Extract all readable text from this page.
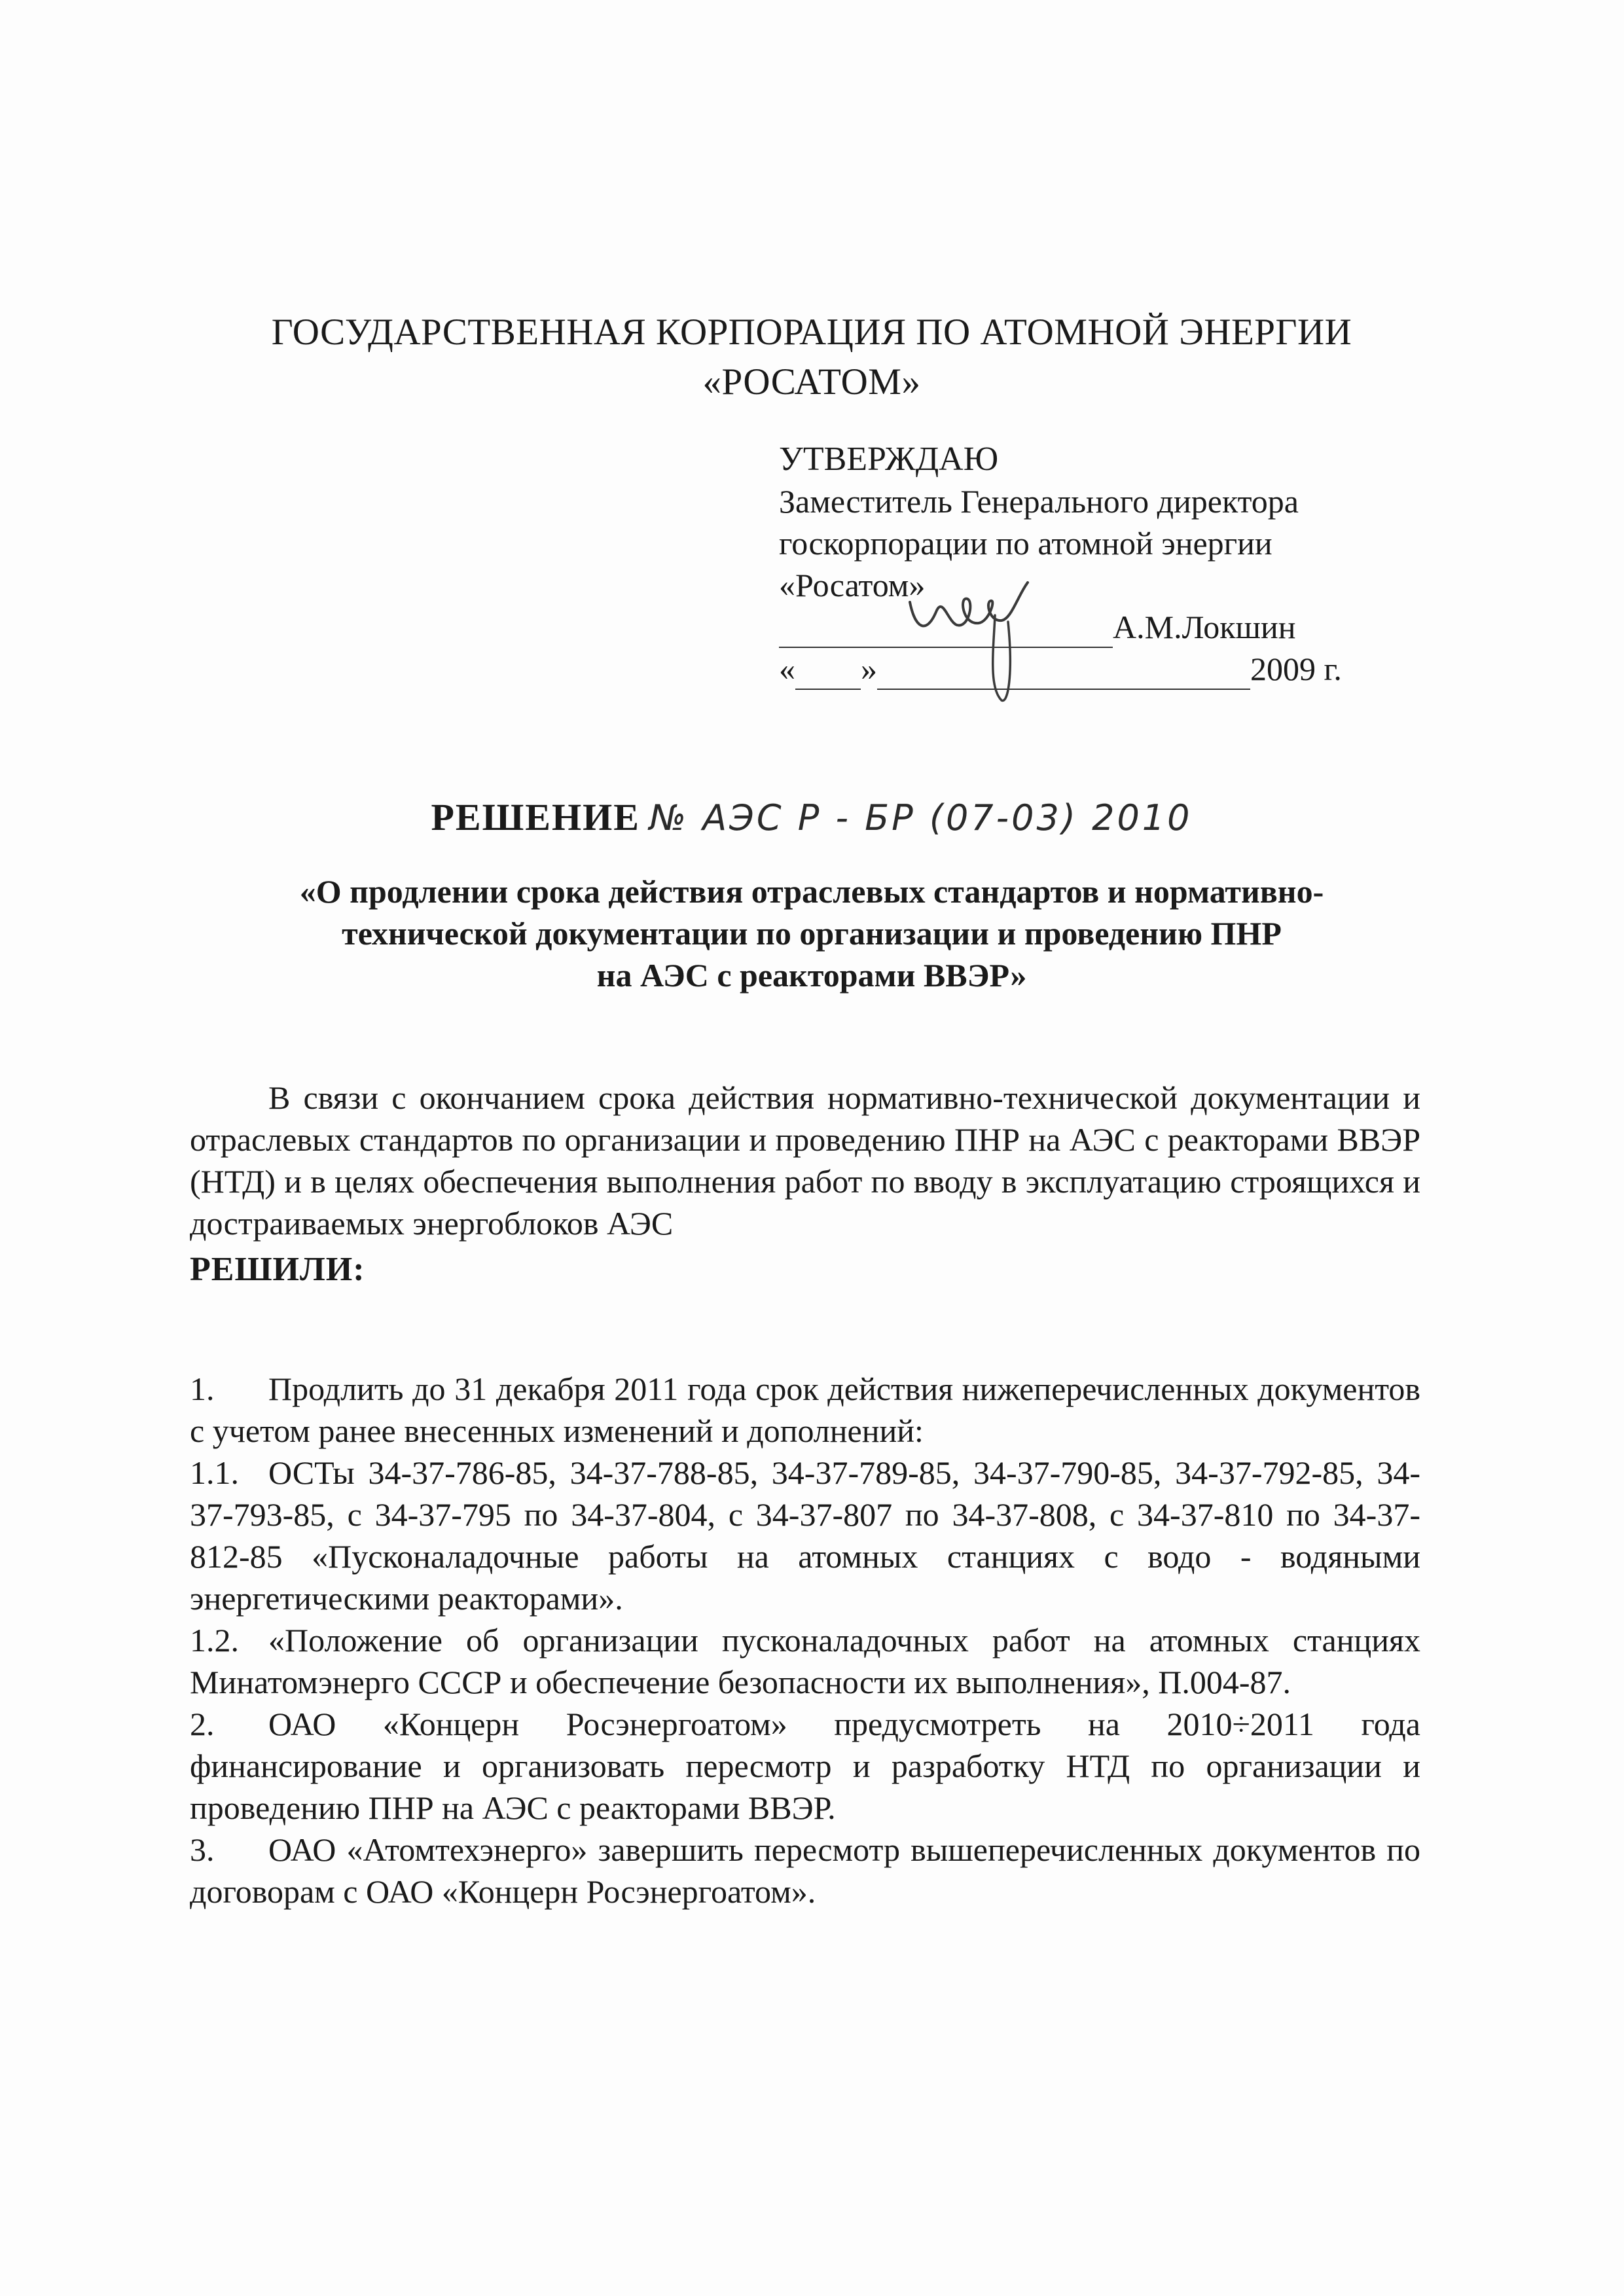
ГОСУДАРСТВЕННАЯ КОРПОРАЦИЯ ПО АТОМНОЙ ЭНЕРГИИ
«РОСАТОМ»
УТВЕРЖДАЮ
Заместитель Генерального директора
госкорпорации по атомной энергии
«Росатом»
А.М.Локшин
« »	2009 г.
РЕШЕНИЕ № АЭС Р - БР (07-03) 2010
«О продлении срока действия отраслевых стандартов и нормативно-
технической документации по организации и проведению ПНР
на АЭС с реакторами ВВЭР»
В связи с окончанием срока действия нормативно-технической документации и отраслевых стандартов по организации и проведению ПНР на АЭС с реакторами ВВЭР (НТД) и в целях обеспечения выполнения работ по вводу в эксплуатацию строящихся и достраиваемых энергоблоков АЭС
РЕШИЛИ:

1. Продлить до 31 декабря 2011 года срок действия нижеперечисленных документов с учетом ранее внесенных изменений и дополнений:

1.1. ОСТы 34-37-786-85, 34-37-788-85, 34-37-789-85, 34-37-790-85, 34-37-792-85, 34-37-793-85, с 34-37-795 по 34-37-804, с 34-37-807 по 34-37-808, с 34-37-810 по 34-37-812-85 «Пусконаладочные работы на атомных станциях с водо - водяными энергетическими реакторами».

1.2. «Положение об организации пусконаладочных работ на атомных станциях Минатомэнерго СССР и обеспечение безопасности их выполнения», П.004-87.

2. ОАО «Концерн Росэнергоатом» предусмотреть на 2010÷2011 года финансирование и организовать пересмотр и разработку НТД по организации и проведению ПНР на АЭС с реакторами ВВЭР.

3. ОАО «Атомтехэнерго» завершить пересмотр вышеперечисленных документов по договорам с ОАО «Концерн Росэнергоатом».
